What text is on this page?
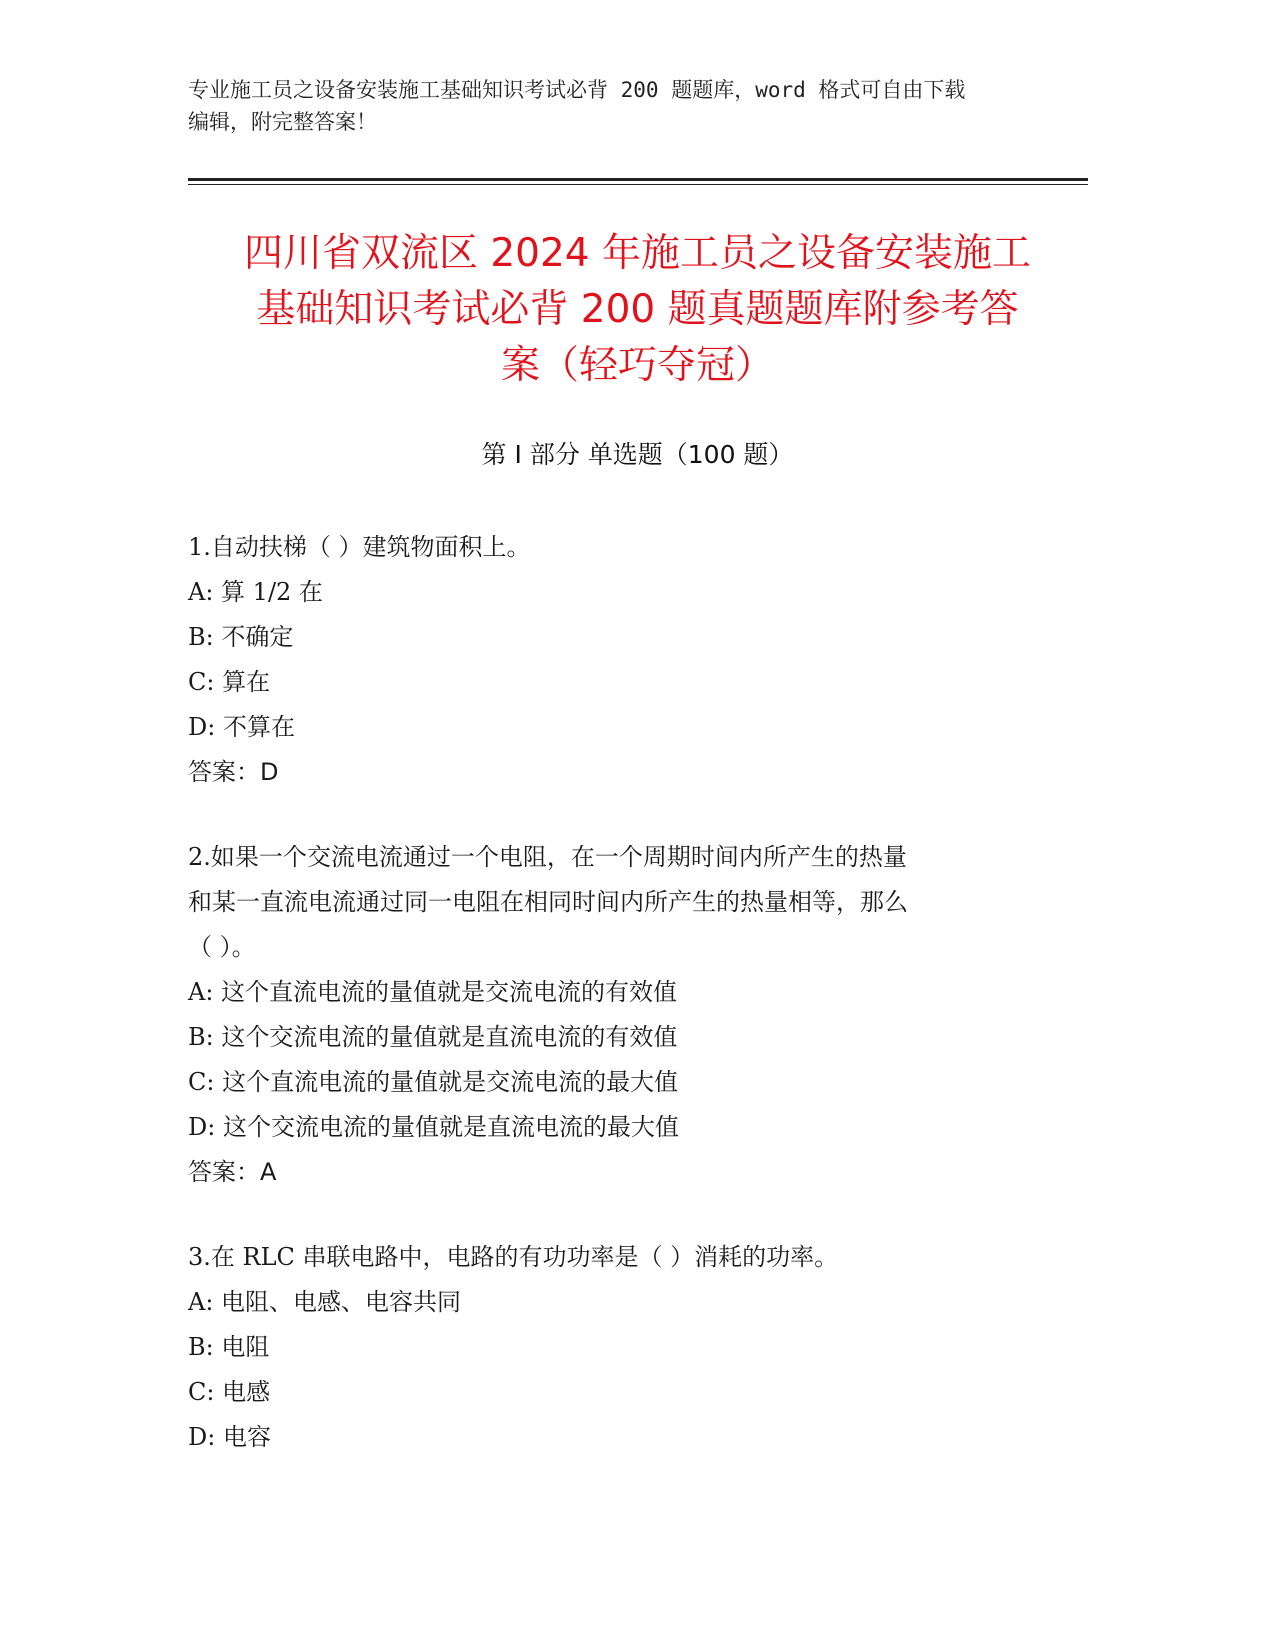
专业施工员之设备安装施工基础知识考试必背 200 题题库，word 格式可自由下载
编辑，附完整答案！
四川省双流区 2024 年施工员之设备安装施工
基础知识考试必背 200 题真题题库附参考答
案（轻巧夺冠）
第 I 部分 单选题（100 题）
1.自动扶梯（ ）建筑物面积上。
A: 算 1/2 在
B: 不确定
C: 算在
D: 不算在
答案：D
2.如果一个交流电流通过一个电阻，在一个周期时间内所产生的热量
和某一直流电流通过同一电阻在相同时间内所产生的热量相等，那么
（ ）。
A: 这个直流电流的量值就是交流电流的有效值
B: 这个交流电流的量值就是直流电流的有效值
C: 这个直流电流的量值就是交流电流的最大值
D: 这个交流电流的量值就是直流电流的最大值
答案：A
3.在 RLC 串联电路中，电路的有功功率是（ ）消耗的功率。
A: 电阻、电感、电容共同
B: 电阻
C: 电感
D: 电容
